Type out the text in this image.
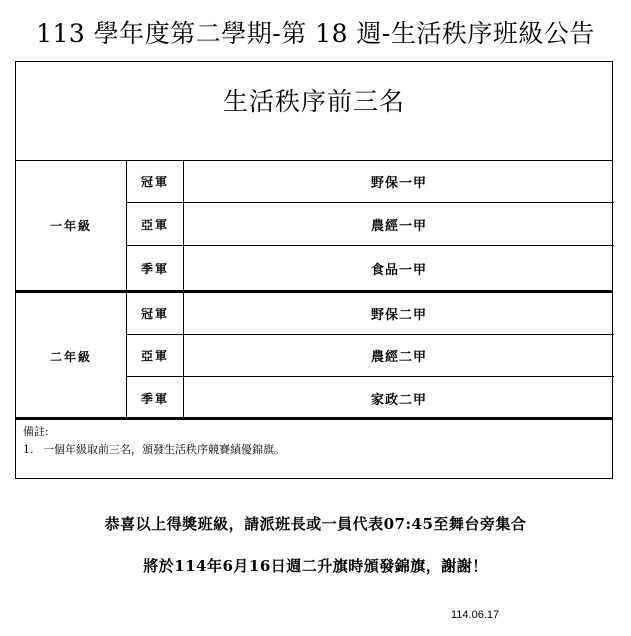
113 學年度第二學期-第 18 週-生活秩序班級公告
生活秩序前三名
一年級
冠軍	野保一甲
亞軍	農經一甲
季軍	食品一甲
二年級
冠軍	野保二甲
亞軍	農經二甲
季軍	家政二甲
備註:
1. 一個年級取前三名，頒發生活秩序競賽績優錦旗。
恭喜以上得獎班級，請派班長或一員代表07:45至舞台旁集合
將於114年6月16日週二升旗時頒發錦旗，謝謝！
114.06.17
